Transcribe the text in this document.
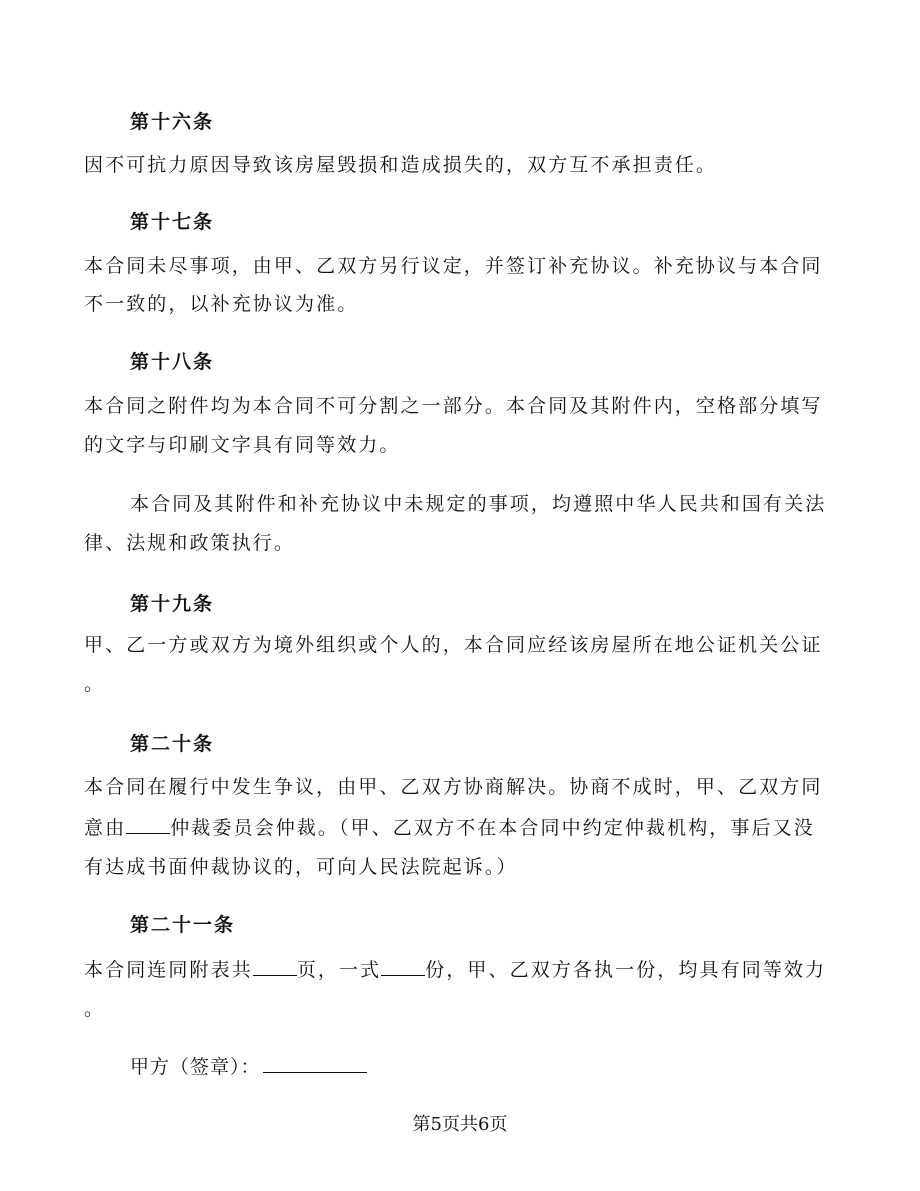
第十六条

因不可抗力原因导致该房屋毁损和造成损失的，双方互不承担责任。

第十七条

本合同未尽事项，由甲、乙双方另行议定，并签订补充协议。补充协议与本合同

不一致的，以补充协议为准。

第十八条

本合同之附件均为本合同不可分割之一部分。本合同及其附件内，空格部分填写

的文字与印刷文字具有同等效力。

本合同及其附件和补充协议中未规定的事项，均遵照中华人民共和国有关法

律、法规和政策执行。

第十九条

甲、乙一方或双方为境外组织或个人的，本合同应经该房屋所在地公证机关公证

。

第二十条

本合同在履行中发生争议，由甲、乙双方协商解决。协商不成时，甲、乙双方同

意由 仲裁委员会仲裁。（甲、乙双方不在本合同中约定仲裁机构，事后又没

有达成书面仲裁协议的，可向人民法院起诉。）

第二十一条

本合同连同附表共 页，一式 份，甲、乙双方各执一份，均具有同等效力

。

甲方（签章）：

第5页共6页
